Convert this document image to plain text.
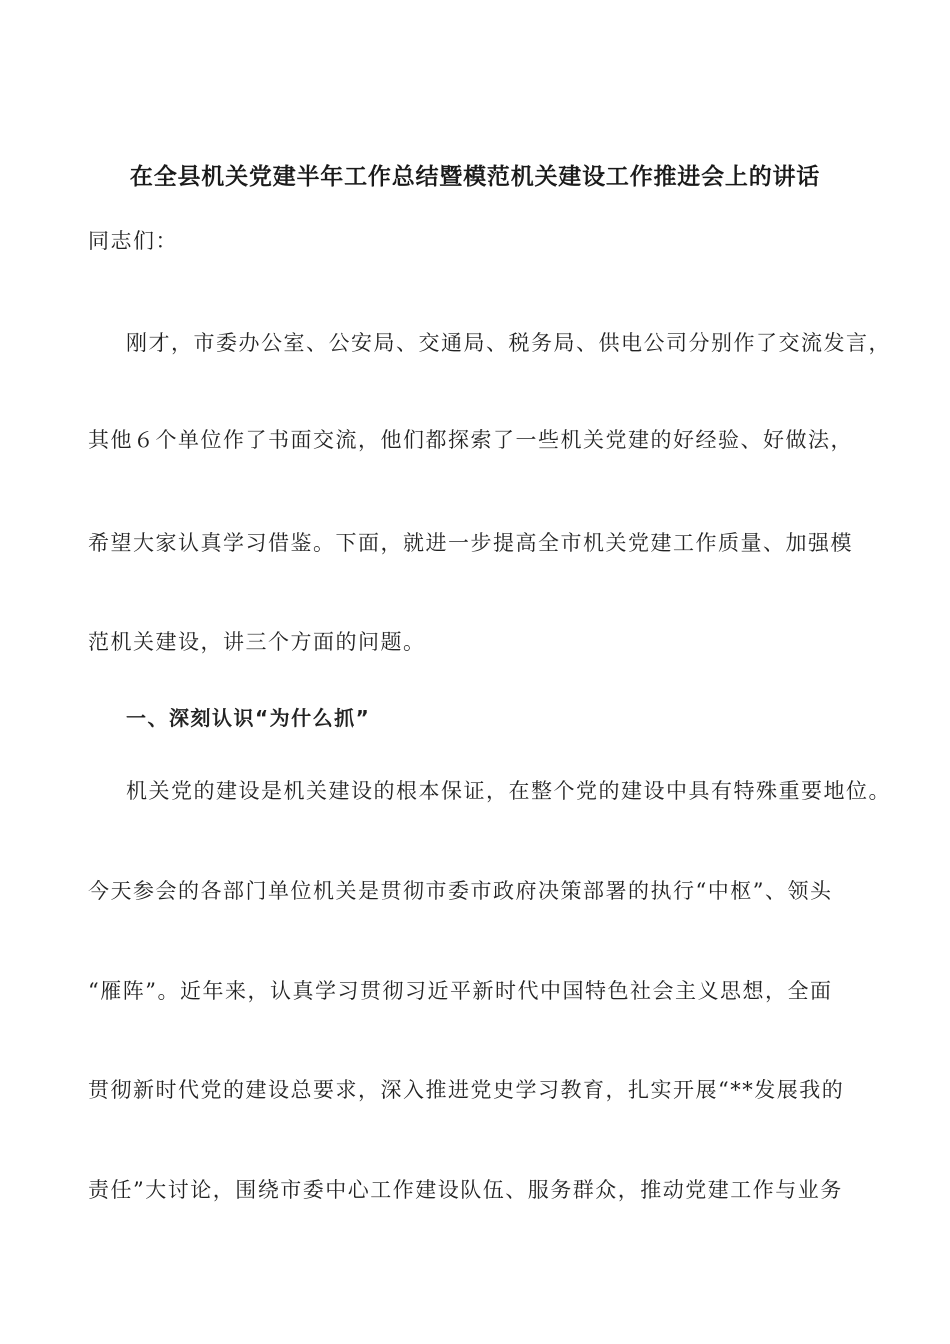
在全县机关党建半年工作总结暨模范机关建设工作推进会上的讲话
同志们：
刚才，市委办公室、公安局、交通局、税务局、供电公司分别作了交流发言，
其他６个单位作了书面交流，他们都探索了一些机关党建的好经验、好做法，
希望大家认真学习借鉴。下面，就进一步提高全市机关党建工作质量、加强模
范机关建设，讲三个方面的问题。
一、深刻认识“为什么抓”
机关党的建设是机关建设的根本保证，在整个党的建设中具有特殊重要地位。
今天参会的各部门单位机关是贯彻市委市政府决策部署的执行“中枢”、领头
“雁阵”。近年来，认真学习贯彻习近平新时代中国特色社会主义思想，全面
贯彻新时代党的建设总要求，深入推进党史学习教育，扎实开展“**发展我的
责任”大讨论，围绕市委中心工作建设队伍、服务群众，推动党建工作与业务
